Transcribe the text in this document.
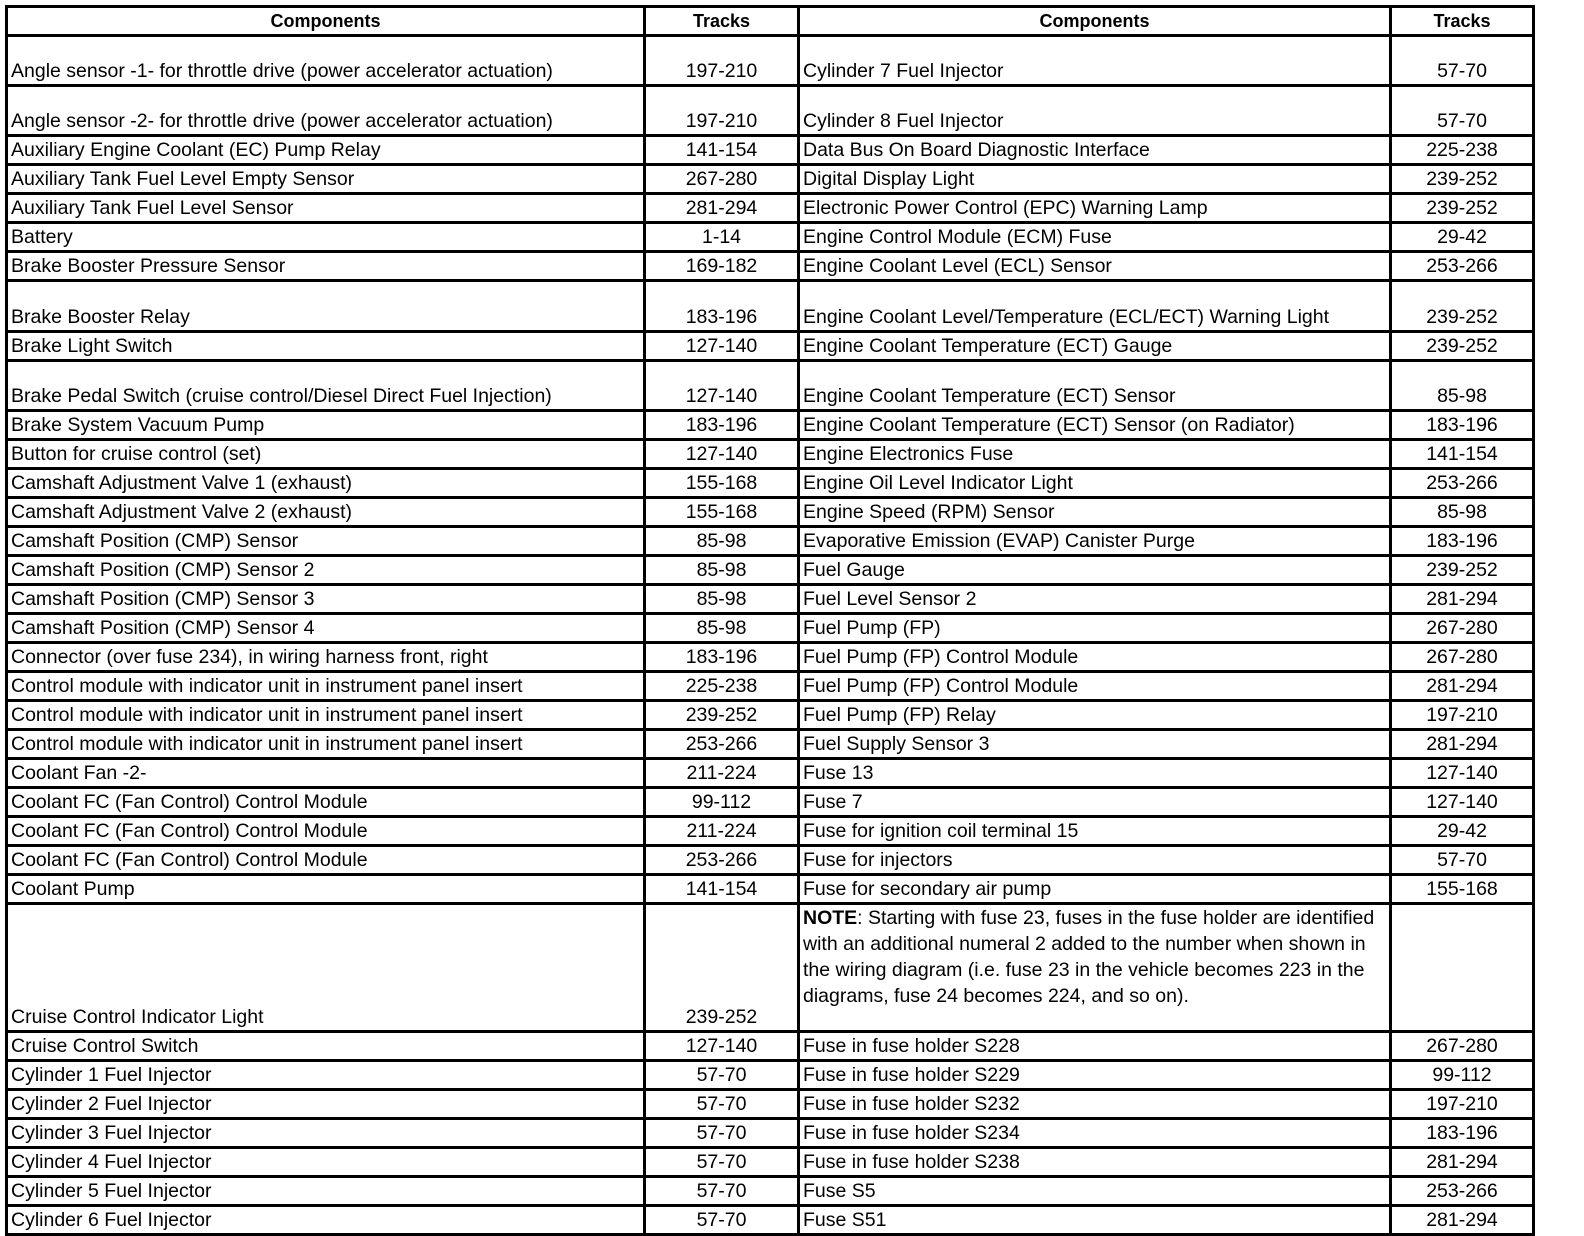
Components	Tracks	Components	Tracks
Angle sensor -1- for throttle drive (power accelerator actuation)	197-210	Cylinder 7 Fuel Injector	57-70
Angle sensor -2- for throttle drive (power accelerator actuation)	197-210	Cylinder 8 Fuel Injector	57-70
Auxiliary Engine Coolant (EC) Pump Relay	141-154	Data Bus On Board Diagnostic Interface	225-238
Auxiliary Tank Fuel Level Empty Sensor	267-280	Digital Display Light	239-252
Auxiliary Tank Fuel Level Sensor	281-294	Electronic Power Control (EPC) Warning Lamp	239-252
Battery	1-14	Engine Control Module (ECM) Fuse	29-42
Brake Booster Pressure Sensor	169-182	Engine Coolant Level (ECL) Sensor	253-266
Brake Booster Relay	183-196	Engine Coolant Level/Temperature (ECL/ECT) Warning Light	239-252
Brake Light Switch	127-140	Engine Coolant Temperature (ECT) Gauge	239-252
Brake Pedal Switch (cruise control/Diesel Direct Fuel Injection)	127-140	Engine Coolant Temperature (ECT) Sensor	85-98
Brake System Vacuum Pump	183-196	Engine Coolant Temperature (ECT) Sensor (on Radiator)	183-196
Button for cruise control (set)	127-140	Engine Electronics Fuse	141-154
Camshaft Adjustment Valve 1 (exhaust)	155-168	Engine Oil Level Indicator Light	253-266
Camshaft Adjustment Valve 2 (exhaust)	155-168	Engine Speed (RPM) Sensor	85-98
Camshaft Position (CMP) Sensor	85-98	Evaporative Emission (EVAP) Canister Purge	183-196
Camshaft Position (CMP) Sensor 2	85-98	Fuel Gauge	239-252
Camshaft Position (CMP) Sensor 3	85-98	Fuel Level Sensor 2	281-294
Camshaft Position (CMP) Sensor 4	85-98	Fuel Pump (FP)	267-280
Connector (over fuse 234), in wiring harness front, right	183-196	Fuel Pump (FP) Control Module	267-280
Control module with indicator unit in instrument panel insert	225-238	Fuel Pump (FP) Control Module	281-294
Control module with indicator unit in instrument panel insert	239-252	Fuel Pump (FP) Relay	197-210
Control module with indicator unit in instrument panel insert	253-266	Fuel Supply Sensor 3	281-294
Coolant Fan -2-	211-224	Fuse 13	127-140
Coolant FC (Fan Control) Control Module	99-112	Fuse 7	127-140
Coolant FC (Fan Control) Control Module	211-224	Fuse for ignition coil terminal 15	29-42
Coolant FC (Fan Control) Control Module	253-266	Fuse for injectors	57-70
Coolant Pump	141-154	Fuse for secondary air pump	155-168
Cruise Control Indicator Light	239-252	NOTE: Starting with fuse 23, fuses in the fuse holder are identified with an additional numeral 2 added to the number when shown in the wiring diagram (i.e. fuse 23 in the vehicle becomes 223 in the diagrams, fuse 24 becomes 224, and so on).	
Cruise Control Switch	127-140	Fuse in fuse holder S228	267-280
Cylinder 1 Fuel Injector	57-70	Fuse in fuse holder S229	99-112
Cylinder 2 Fuel Injector	57-70	Fuse in fuse holder S232	197-210
Cylinder 3 Fuel Injector	57-70	Fuse in fuse holder S234	183-196
Cylinder 4 Fuel Injector	57-70	Fuse in fuse holder S238	281-294
Cylinder 5 Fuel Injector	57-70	Fuse S5	253-266
Cylinder 6 Fuel Injector	57-70	Fuse S51	281-294
